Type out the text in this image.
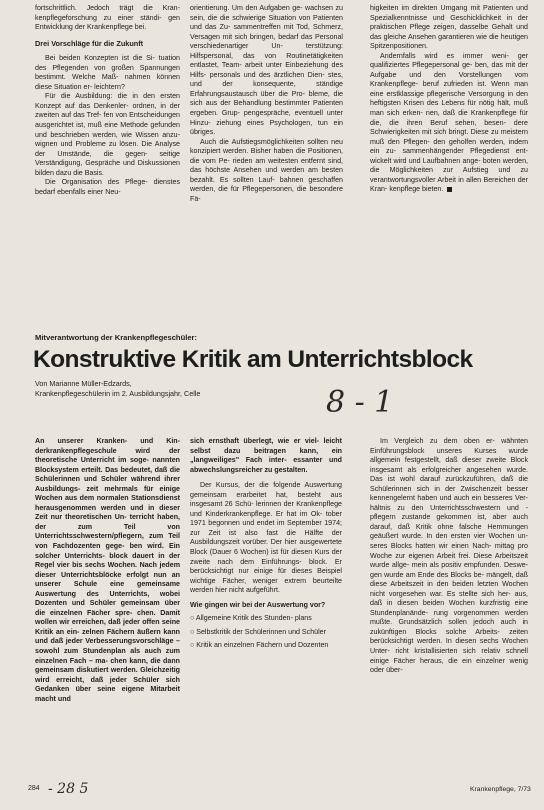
fortschrittlich. Jedoch trägt die Kran- kenpflegeforschung zu einer ständi- gen Entwicklung der Krankenpflege bei.

Drei Vorschläge für die Zukunft

Bei beiden Konzepten ist die Si- tuation des Pflegenden von großen Spannungen bestimmt. Welche Maß- nahmen können diese Situation er- leichtern?

Für die Ausbildung: die in den ersten Konzept auf das Denkenler- ordnen, in der zweiten auf das Tref- fen von Entscheidungen ausgerichtet ist, muß eine Methode gefunden und beschrieben werden, wie Wissen anzu- wignen und Probleme zu lösen. Die Analyse der Umstände, die gegen- seitige Verständigung, Gespräche und Diskussionen bilden dazu die Basis.

Die Organisation des Pflege- dienstes bedarf ebenfalls einer Neu-

orientierung. Um den Aufgaben ge- wachsen zu sein, die die schwierige Situation von Patienten und das Zu- sammentreffen mit Tod, Schmerz, Versagen mit sich bringen, bedarf das Personal verschiedenartiger Un- terstützung: Hilfspersonal, das von Routinetätigkeiten entlastet, Team- arbeit unter Einbeziehung des Hilfs- personals und des ärztlichen Dien- stes, und der konsequente, ständige Erfahrungsaustausch über die Pro- bleme, die sich aus der Behandlung bestimmter Patienten ergeben. Grup- pengespräche, eventuell unter Hinzu- ziehung eines Psychologen, tun ein übriges.

Auch die Aufstiegsmöglichkeiten sollten neu konzipiert werden. Bisher haben die Positionen, die vom Pe- rieden am weitesten entfernt sind, das höchste Ansehen und werden am besten bezahlt. Es sollten Lauf- bahnen geschaffen werden, die für Pflegepersonen, die besondere Fä-

higkeiten im direkten Umgang mit Patienten und Spezialkenntnisse und Geschicklichkeit in der praktischen Pflege zeigen, dasselbe Gehalt und das gleiche Ansehen garantieren wie die heutigen Spitzenpositionen.

Andernfalls wird es immer weni- ger qualifiziertes Pflegepersonal ge- ben, das mit der Aufgabe und den Vorstellungen vom Krankenpflege- beruf zufrieden ist. Wenn man eine erstklassige pflegerische Versorgung in den heftigsten Krisen des Lebens für nötig hält, muß man sich erken- nen, daß die Krankenpflege für die, die ihren Beruf sehen, besen- dere Schwierigkeiten mit sich bringt. Diese zu meistern muß den Pflegen- den geholfen werden, indem ein zu- sammenhängender Pflegedienst ent- wickelt wird und Laufbahnen ange- boten werden, die Möglichkeiten zur Aufstieg und zu verantwortungsvoller Arbeit in allen Bereichen der Kran- kenpflege bieten.

Mitverantwortung der Krankenpflegeschüler:
Konstruktive Kritik am Unterrichtsblock
Von Marianne Müller-Edzards,
Krankenpflegeschülerin im 2. Ausbildungsjahr, Celle	8 - 1

An unserer Kranken- und Kin- derkrankenpflegeschule wird der theoretische Unterricht im soge- nannten Blocksystem erteilt. Das bedeutet, daß die Schülerinnen und Schüler während ihrer Ausbildungs- zeit mehrmals für einige Wochen aus dem normalen Stationsdienst herausgenommen werden und in dieser Zeit nur theoretischen Un- terricht haben, der zum Teil von Unterrichtsschwestern/pflegern, zum Teil von Fachdozenten gege- ben wird. Ein solcher Unterrichts- block dauert in der Regel vier bis sechs Wochen. Nach jedem dieser Unterrichtsblöcke erfolgt nun an unserer Schule eine gemeinsame Auswertung des Unterrichts, wobei Dozenten und Schüler gemeinsam über die einzelnen Fächer spre- chen. Damit wollen wir erreichen, daß jeder offen seine Kritik an ein- zelnen Fächern äußern kann und daß jeder Verbesserungsvorschläge – sowohl zum Stundenplan als auch zum einzelnen Fach – ma- chen kann, die dann gemeinsam diskutiert werden. Gleichzeitig wird erreicht, daß jeder Schüler sich Gedanken über seine eigene Mitarbeit macht und

sich ernsthaft überlegt, wie er viel- leicht selbst dazu beitragen kann, ein „langweiliges" Fach inter- essanter und abwechslungsreicher zu gestalten.

Der Kursus, der die folgende Auswertung gemeinsam erarbeitet hat, besteht aus insgesamt 26 Schü- lerinnen der Krankenpflege und Kinderkrankenpflege. Er hat im Ok- tober 1971 begonnen und endet im September 1974; zur Zeit ist also fast die Hälfte der Ausbildungszeit vorüber. Der hier ausgewertete Block (Dauer 6 Wochen) ist für diesen Kurs der zweite nach dem Einführungs- block. Er berücksichtigt nur einige für dieses Beispiel wichtige Fächer, weniger extrem beurteilte werden hier nicht aufgeführt.

Wie gingen wir bei der Auswertung vor?

○ Allgemeine Kritik des Stunden- plans

○ Selbstkritik der Schülerinnen und Schüler

○ Kritik an einzelnen Fächern und Dozenten

Im Vergleich zu dem oben er- wähnten Einführungsblock unseres Kurses wurde allgemein festgestellt, daß dieser zweite Block insgesamt als erfolgreicher angesehen wurde. Das ist wohl darauf zurückzuführen, daß die Schülerinnen sich in der Zwischenzeit besser kennengelernt haben und auch ein besseres Ver- hältnis zu den Unterrichtsschwestern und -pflegern zustande gekommen ist, aber auch darauf, daß Kritik ohne falsche Hemmungen geäußert wurde. In den ersten vier Wochen un- seres Blocks hatten wir einen Nach- mittag pro Woche zur eigenen Arbeit frei. Diese Arbeitszeit wurde allge- mein als positiv empfunden. Deswe- gen wurde am Ende des Blocks be- mängelt, daß diese Arbeitszeit in den beiden letzten Wochen nicht vorgesehen war. Es stellte sich her- aus, daß in diesen beiden Wochen kurzfristig eine Stundenplanände- rung vorgenommen werden mußte. Grundsätzlich sollen jedoch auch in zukünftigen Blocks solche Arbeits- zeiten berücksichtigt werden. In diesen sechs Wochen Unter- richt kristallisierten sich relativ schnell einige Fächer heraus, die ein einzelner wenig oder über-

284 - 28 5	Krankenpflege, 7/73
